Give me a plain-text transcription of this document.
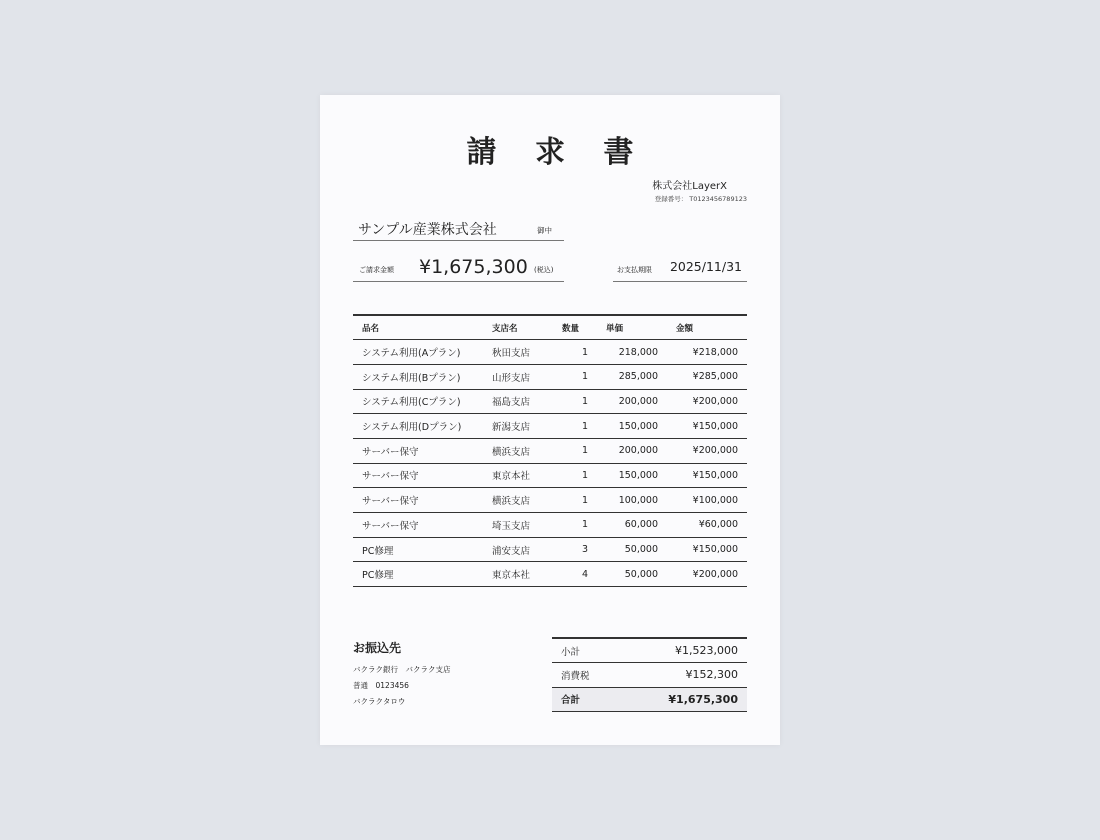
請 求 書
株式会社LayerX
登録番号： T0123456789123
サンプル産業株式会社	御中
ご請求金額 ¥1,675,300 (税込)	お支払期限 2025/11/31
品名	支店名	数量	単価	金額
システム利用(Aプラン)	秋田支店	1	218,000	¥218,000
システム利用(Bプラン)	山形支店	1	285,000	¥285,000
システム利用(Cプラン)	福島支店	1	200,000	¥200,000
システム利用(Dプラン)	新潟支店	1	150,000	¥150,000
サーバー保守	横浜支店	1	200,000	¥200,000
サーバー保守	東京本社	1	150,000	¥150,000
サーバー保守	横浜支店	1	100,000	¥100,000
サーバー保守	埼玉支店	1	60,000	¥60,000
PC修理	浦安支店	3	50,000	¥150,000
PC修理	東京本社	4	50,000	¥200,000
お振込先
バクラク銀行　バクラク支店
普通　0123456
バクラクタロウ
小計	¥1,523,000
消費税	¥152,300
合計	¥1,675,300
